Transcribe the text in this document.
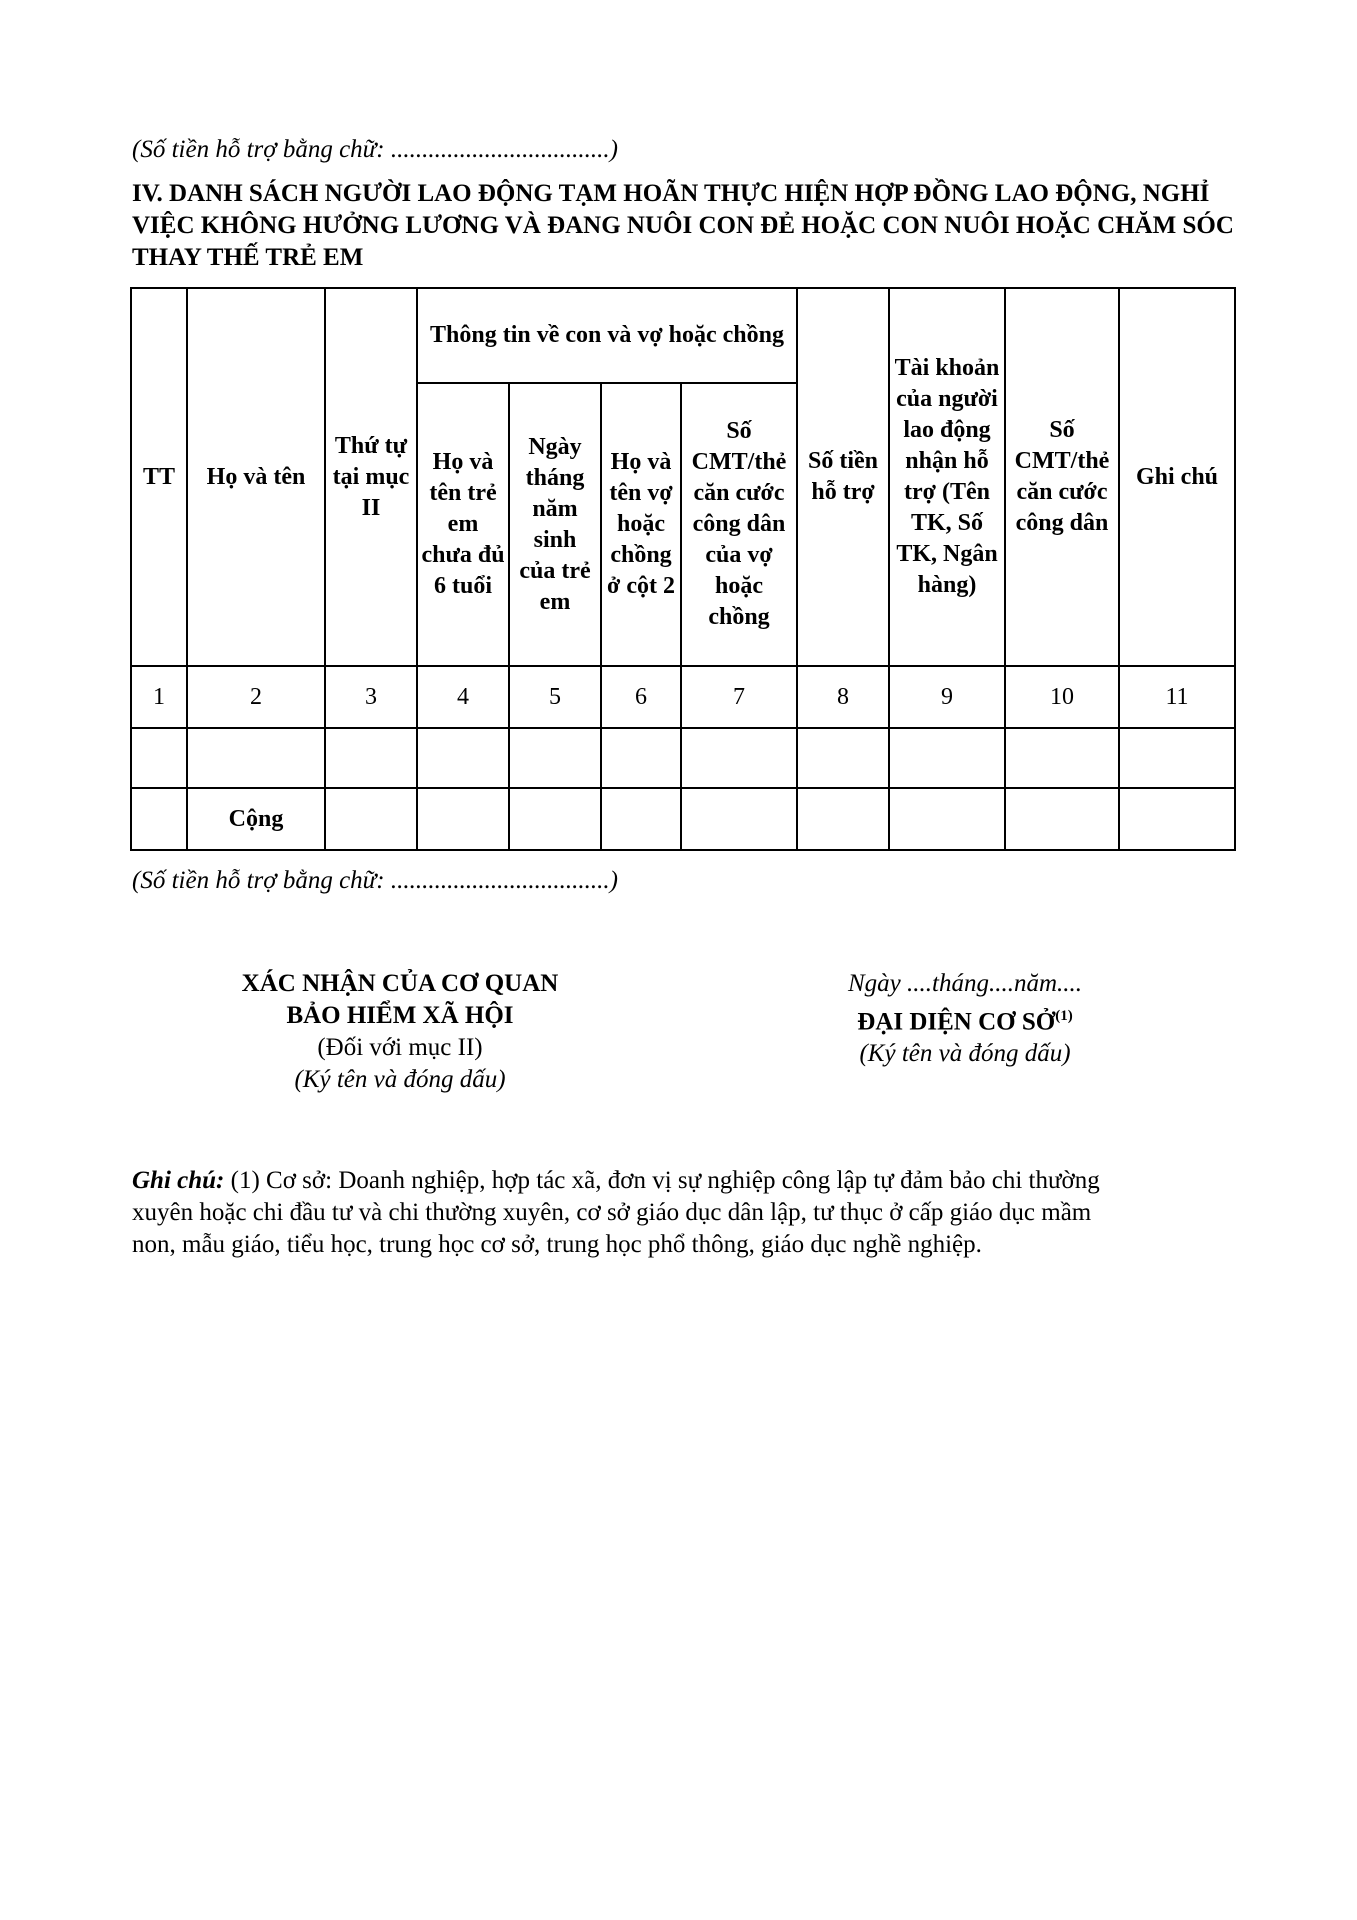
(Số tiền hỗ trợ bằng chữ: ...................................)
IV. DANH SÁCH NGƯỜI LAO ĐỘNG TẠM HOÃN THỰC HIỆN HỢP ĐỒNG LAO ĐỘNG, NGHỈ VIỆC KHÔNG HƯỞNG LƯƠNG VÀ ĐANG NUÔI CON ĐẺ HOẶC CON NUÔI HOẶC CHĂM SÓC THAY THẾ TRẺ EM
TT	Họ và tên	Thứ tự tại mục II	Thông tin về con và vợ hoặc chồng				Số tiền hỗ trợ	Tài khoản của người lao động nhận hỗ trợ (Tên TK, Số TK, Ngân hàng)	Số CMT/thẻ căn cước công dân	Ghi chú
			Họ và tên trẻ em chưa đủ 6 tuổi	Ngày tháng năm sinh của trẻ em	Họ và tên vợ hoặc chồng ở cột 2	Số CMT/thẻ căn cước công dân của vợ hoặc chồng				
1	2	3	4	5	6	7	8	9	10	11

	Cộng									
(Số tiền hỗ trợ bằng chữ: ...................................)
XÁC NHẬN CỦA CƠ QUAN
BẢO HIỂM XÃ HỘI
(Đối với mục II)
(Ký tên và đóng dấu)
Ngày ....tháng....năm....
ĐẠI DIỆN CƠ SỞ$^{(1)}$
(Ký tên và đóng dấu)
Ghi chú: (1) Cơ sở: Doanh nghiệp, hợp tác xã, đơn vị sự nghiệp công lập tự đảm bảo chi thường
xuyên hoặc chi đầu tư và chi thường xuyên, cơ sở giáo dục dân lập, tư thục ở cấp giáo dục mầm
non, mẫu giáo, tiểu học, trung học cơ sở, trung học phổ thông, giáo dục nghề nghiệp.
